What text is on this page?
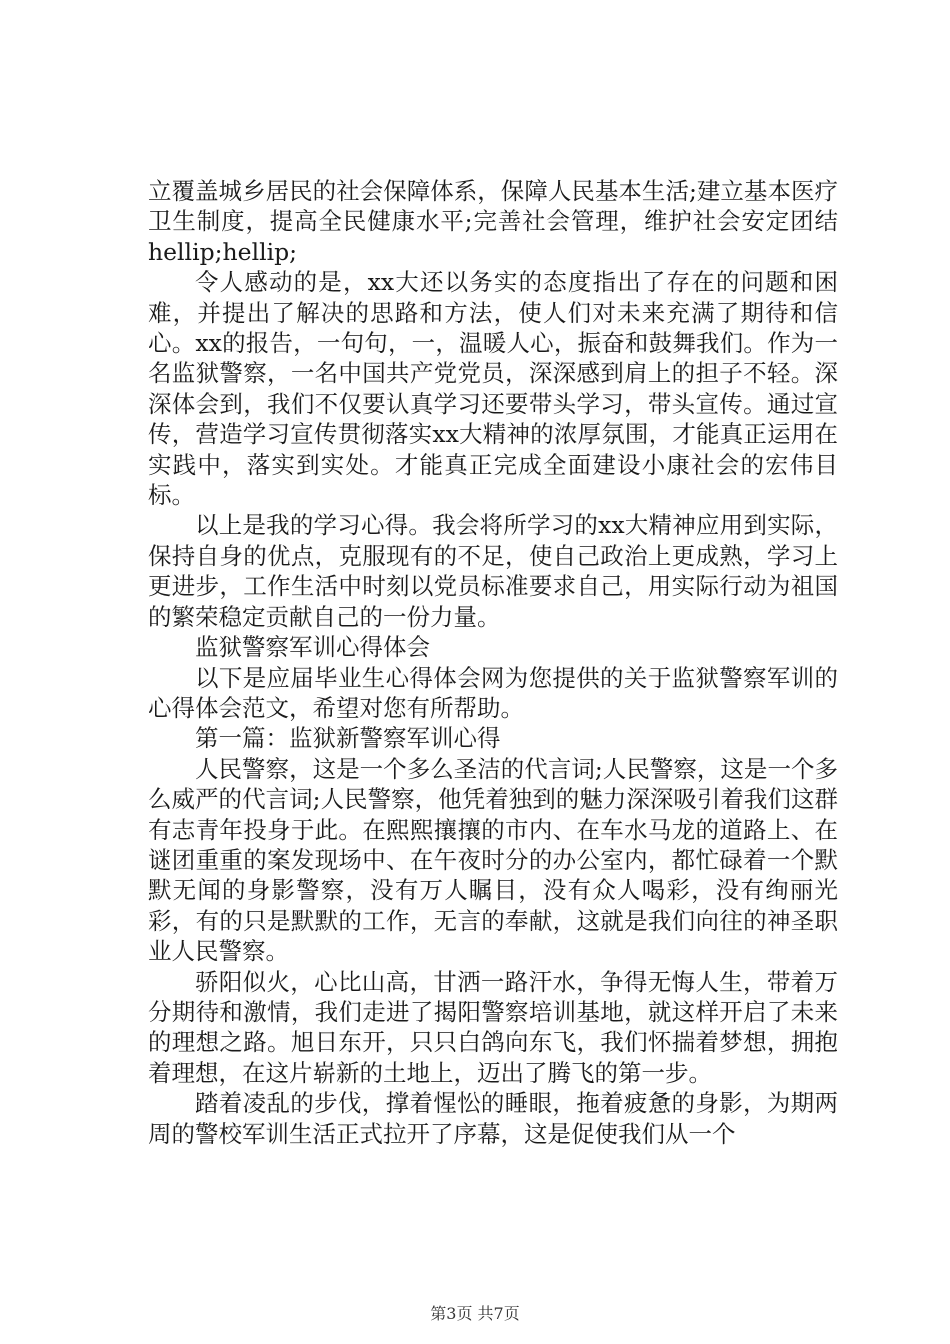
立覆盖城乡居民的社会保障体系，保障人民基本生活;建立基本医疗卫生制度，提高全民健康水平;完善社会管理，维护社会安定团结hellip;hellip;

令人感动的是，xx大还以务实的态度指出了存在的问题和困难，并提出了解决的思路和方法，使人们对未来充满了期待和信心。xx的报告，一句句，一，温暖人心，振奋和鼓舞我们。作为一名监狱警察，一名中国共产党党员，深深感到肩上的担子不轻。深深体会到，我们不仅要认真学习还要带头学习，带头宣传。通过宣传，营造学习宣传贯彻落实xx大精神的浓厚氛围，才能真正运用在实践中，落实到实处。才能真正完成全面建设小康社会的宏伟目标。

以上是我的学习心得。我会将所学习的xx大精神应用到实际，保持自身的优点，克服现有的不足，使自己政治上更成熟，学习上更进步，工作生活中时刻以党员标准要求自己，用实际行动为祖国的繁荣稳定贡献自己的一份力量。

监狱警察军训心得体会

以下是应届毕业生心得体会网为您提供的关于监狱警察军训的心得体会范文，希望对您有所帮助。

第一篇：监狱新警察军训心得

人民警察，这是一个多么圣洁的代言词;人民警察，这是一个多么威严的代言词;人民警察，他凭着独到的魅力深深吸引着我们这群有志青年投身于此。在熙熙攘攘的市内、在车水马龙的道路上、在谜团重重的案发现场中、在午夜时分的办公室内，都忙碌着一个默默无闻的身影警察，没有万人瞩目，没有众人喝彩，没有绚丽光彩，有的只是默默的工作，无言的奉献，这就是我们向往的神圣职业人民警察。

骄阳似火，心比山高，甘洒一路汗水，争得无悔人生，带着万分期待和激情，我们走进了揭阳警察培训基地，就这样开启了未来的理想之路。旭日东开，只只白鸽向东飞，我们怀揣着梦想，拥抱着理想，在这片崭新的土地上，迈出了腾飞的第一步。

踏着凌乱的步伐，撑着惺忪的睡眼，拖着疲惫的身影，为期两周的警校军训生活正式拉开了序幕，这是促使我们从一个

第3页 共7页
